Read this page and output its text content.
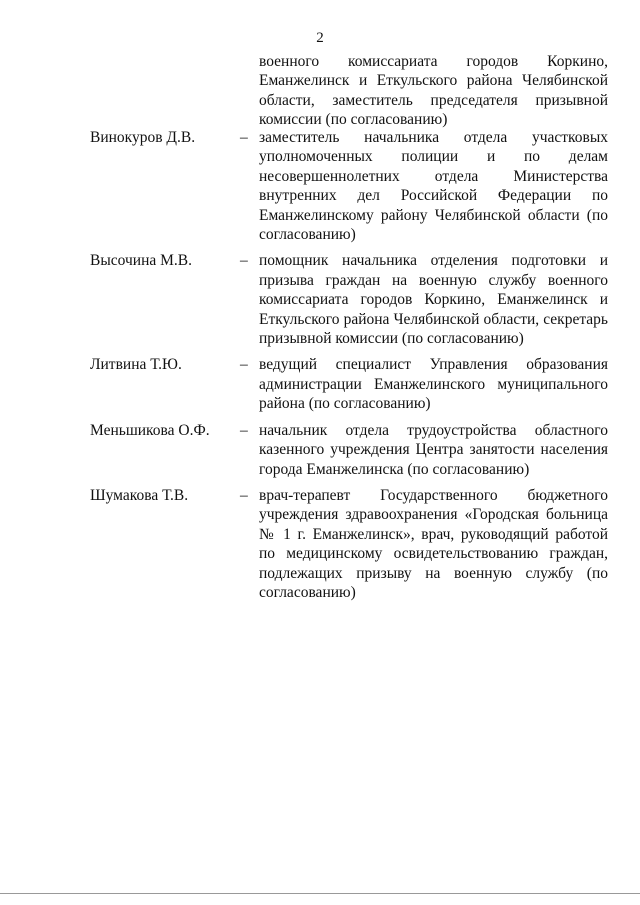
2
военного комиссариата городов Коркино, Еманжелинск и Еткульского района Челябинской области, заместитель председателя призывной комиссии (по согласованию)
Винокуров Д.В.	– заместитель начальника отдела участковых уполномоченных полиции и по делам несовершеннолетних отдела Министерства внутренних дел Российской Федерации по Еманжелинскому району Челябинской области (по согласованию)
Высочина М.В.	– помощник начальника отделения подготовки и призыва граждан на военную службу военного комиссариата городов Коркино, Еманжелинск и Еткульского района Челябинской области, секретарь призывной комиссии (по согласованию)
Литвина Т.Ю.	– ведущий специалист Управления образования администрации Еманжелинского муниципального района (по согласованию)
Меньшикова О.Ф. – начальник отдела трудоустройства областного казенного учреждения Центра занятости населения города Еманжелинска (по согласованию)
Шумакова Т.В.	– врач-терапевт Государственного бюджетного учреждения здравоохранения «Городская больница № 1 г. Еманжелинск», врач, руководящий работой по медицинскому освидетельствованию граждан, подлежащих призыву на военную службу (по согласованию)
